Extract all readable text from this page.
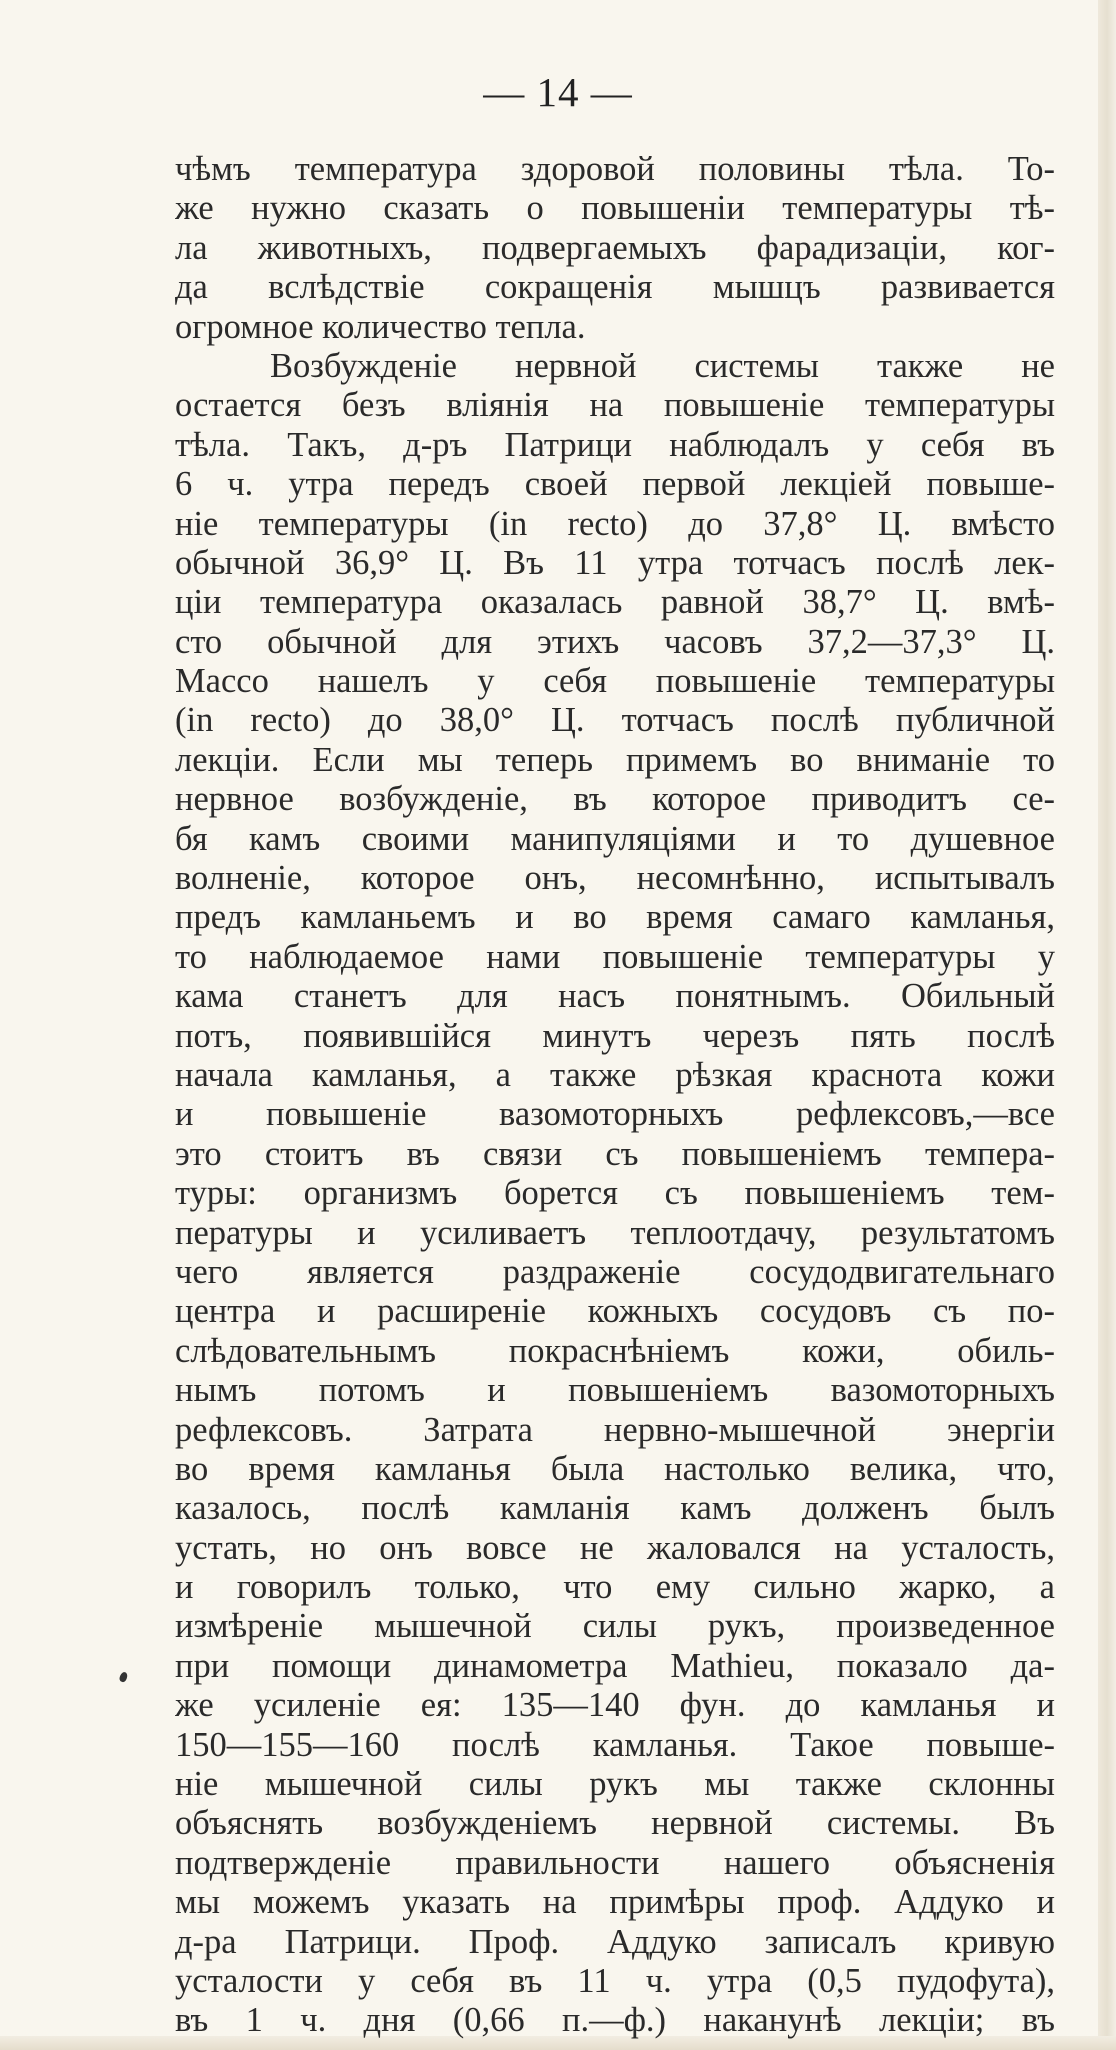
— 14 —
чѣмъ температура здоровой половины тѣла. То-
же нужно сказать о повышеніи температуры тѣ-
ла животныхъ, подвергаемыхъ фарадизаціи, ког-
да вслѣдствіе сокращенія мышцъ развивается
огромное количество тепла.
Возбужденіе нервной системы также не
остается безъ вліянія на повышеніе температуры
тѣла. Такъ, д-ръ Патрици наблюдалъ у себя въ
6 ч. утра передъ своей первой лекціей повыше-
ніе температуры (in recto) до 37,8° Ц. вмѣсто
обычной 36,9° Ц. Въ 11 утра тотчасъ послѣ лек-
ціи температура оказалась равной 38,7° Ц. вмѣ-
сто обычной для этихъ часовъ 37,2—37,3° Ц.
Массо нашелъ у себя повышеніе температуры
(in recto) до 38,0° Ц. тотчасъ послѣ публичной
лекціи. Если мы теперь примемъ во вниманіе то
нервное возбужденіе, въ которое приводитъ се-
бя камъ своими манипуляціями и то душевное
волненіе, которое онъ, несомнѣнно, испытывалъ
предъ камланьемъ и во время самаго камланья,
то наблюдаемое нами повышеніе температуры у
кама станетъ для насъ понятнымъ. Обильный
потъ, появившійся минутъ черезъ пять послѣ
начала камланья, а также рѣзкая краснота кожи
и повышеніе вазомоторныхъ рефлексовъ,—все
это стоитъ въ связи съ повышеніемъ темпера-
туры: организмъ борется съ повышеніемъ тем-
пературы и усиливаетъ теплоотдачу, результатомъ
чего является раздраженіе сосудодвигательнаго
центра и расширеніе кожныхъ сосудовъ съ по-
слѣдовательнымъ покраснѣніемъ кожи, обиль-
нымъ потомъ и повышеніемъ вазомоторныхъ
рефлексовъ. Затрата нервно-мышечной энергіи
во время камланья была настолько велика, что,
казалось, послѣ камланія камъ долженъ былъ
устать, но онъ вовсе не жаловался на усталость,
и говорилъ только, что ему сильно жарко, а
измѣреніе мышечной силы рукъ, произведенное
при помощи динамометра Mathieu, показало да-
же усиленіе ея: 135—140 фун. до камланья и
150—155—160 послѣ камланья. Такое повыше-
ніе мышечной силы рукъ мы также склонны
объяснять возбужденіемъ нервной системы. Въ
подтвержденіе правильности нашего объясненія
мы можемъ указать на примѣры проф. Аддуко и
д-ра Патрици. Проф. Аддуко записалъ кривую
усталости у себя въ 11 ч. утра (0,5 пудофута),
въ 1 ч. дня (0,66 п.—ф.) наканунѣ лекціи; въ
